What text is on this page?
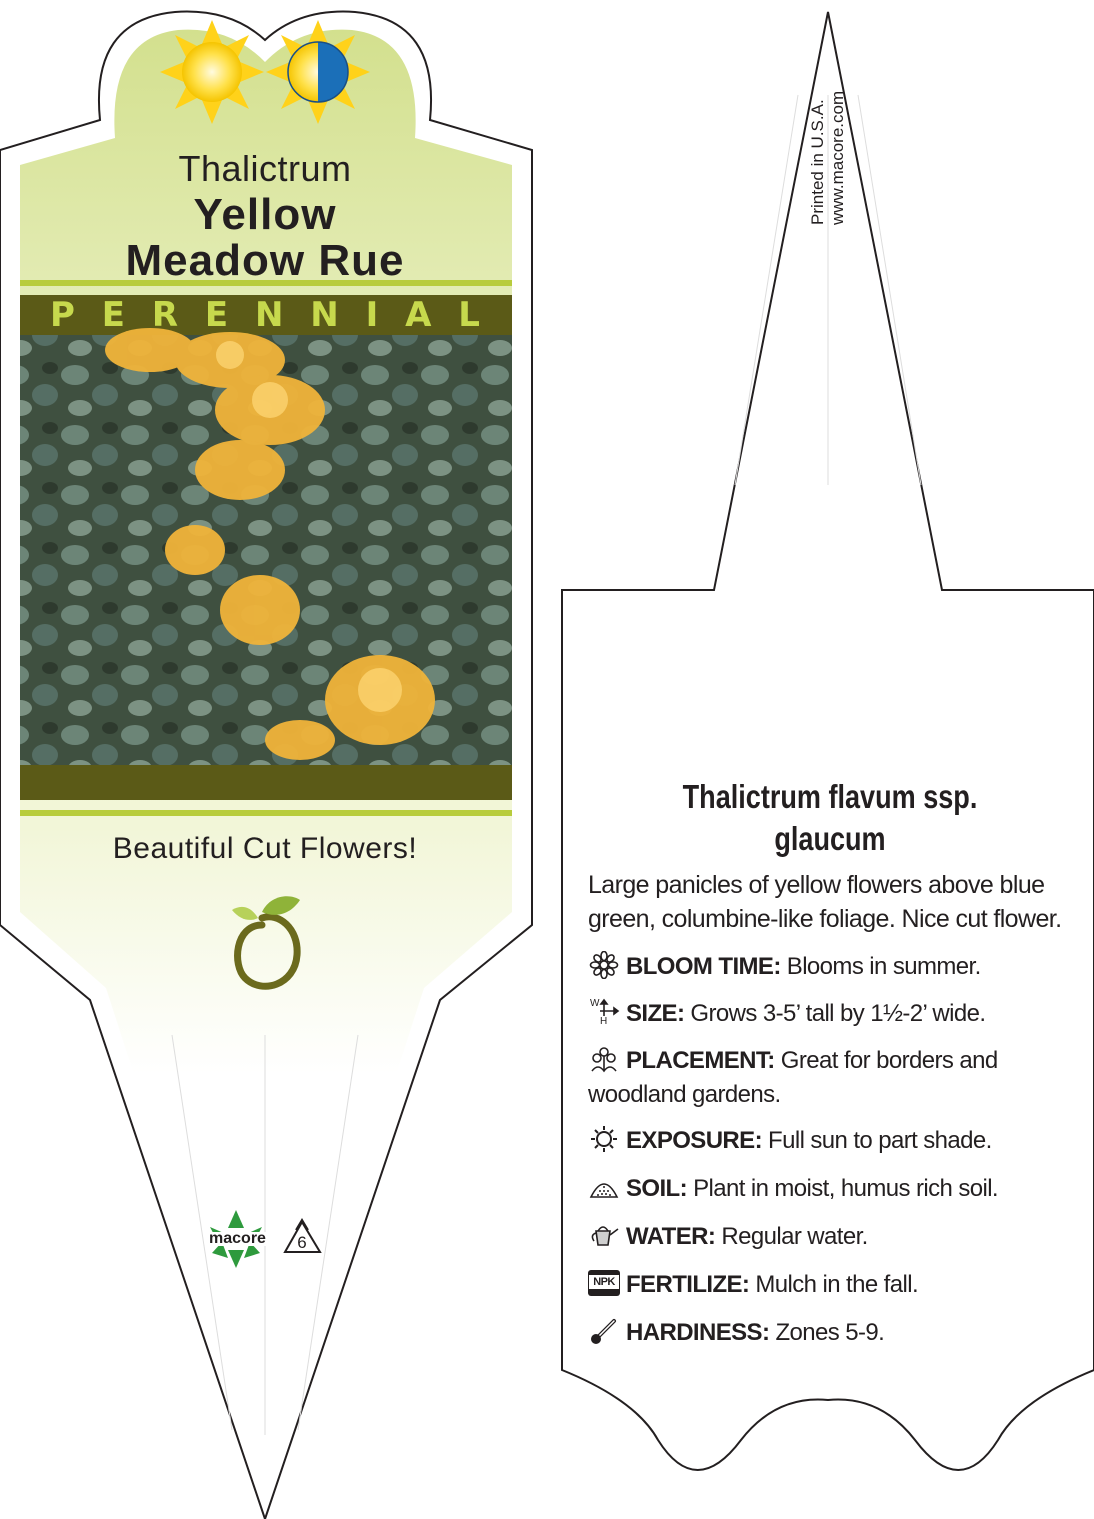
Thalictrum
Yellow
Meadow Rue
P E R E N N I A L
Beautiful Cut Flowers!
macore	6
Printed in U.S.A. www.macore.com
Thalictrum flavum ssp.
glaucum
Large panicles of yellow flowers above blue green, columbine-like foliage. Nice cut flower.
BLOOM TIME: Blooms in summer.
SIZE: Grows 3-5’ tall by 1½-2’ wide.
W
H
PLACEMENT: Great for borders and woodland gardens.
EXPOSURE: Full sun to part shade.
SOIL: Plant in moist, humus rich soil.
WATER: Regular water.
NPK FERTILIZE: Mulch in the fall.
HARDINESS: Zones 5-9.
